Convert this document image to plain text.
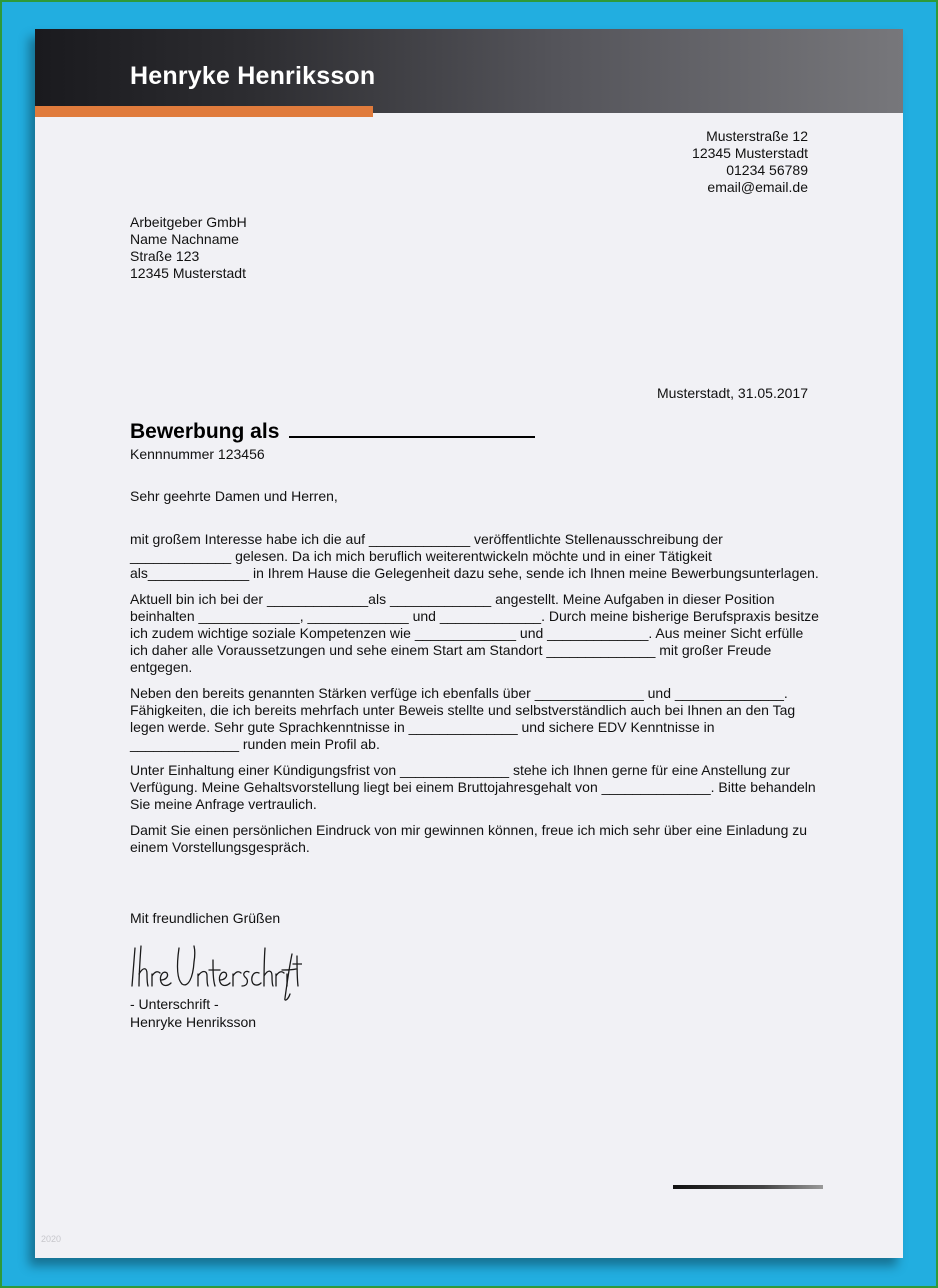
Henryke Henriksson
Musterstraße 12
12345 Musterstadt
01234 56789
email@email.de
Arbeitgeber GmbH
Name Nachname
Straße 123
12345 Musterstadt
Musterstadt, 31.05.2017
Bewerbung als
Kennnummer 123456

Sehr geehrte Damen und Herren,

mit großem Interesse habe ich die auf _____________ veröffentlichte Stellenausschreibung der _____________ gelesen. Da ich mich beruflich weiterentwickeln möchte und in einer Tätigkeit als_____________ in Ihrem Hause die Gelegenheit dazu sehe, sende ich Ihnen meine Bewerbungsunterlagen.

Aktuell bin ich bei der _____________als _____________ angestellt. Meine Aufgaben in dieser Position beinhalten _____________, _____________ und _____________. Durch meine bisherige Berufspraxis besitze ich zudem wichtige soziale Kompetenzen wie _____________ und _____________. Aus meiner Sicht erfülle ich daher alle Voraussetzungen und sehe einem Start am Standort ______________ mit großer Freude entgegen.

Neben den bereits genannten Stärken verfüge ich ebenfalls über ______________ und ______________. Fähigkeiten, die ich bereits mehrfach unter Beweis stellte und selbstverständlich auch bei Ihnen an den Tag legen werde. Sehr gute Sprachkenntnisse in ______________ und sichere EDV Kenntnisse in ______________ runden mein Profil ab.

Unter Einhaltung einer Kündigungsfrist von ______________ stehe ich Ihnen gerne für eine Anstellung zur Verfügung. Meine Gehaltsvorstellung liegt bei einem Bruttojahresgehalt von ______________. Bitte behandeln Sie meine Anfrage vertraulich.

Damit Sie einen persönlichen Eindruck von mir gewinnen können, freue ich mich sehr über eine Einladung zu einem Vorstellungsgespräch.

Mit freundlichen Grüßen
- Unterschrift -
Henryke Henriksson
2020
